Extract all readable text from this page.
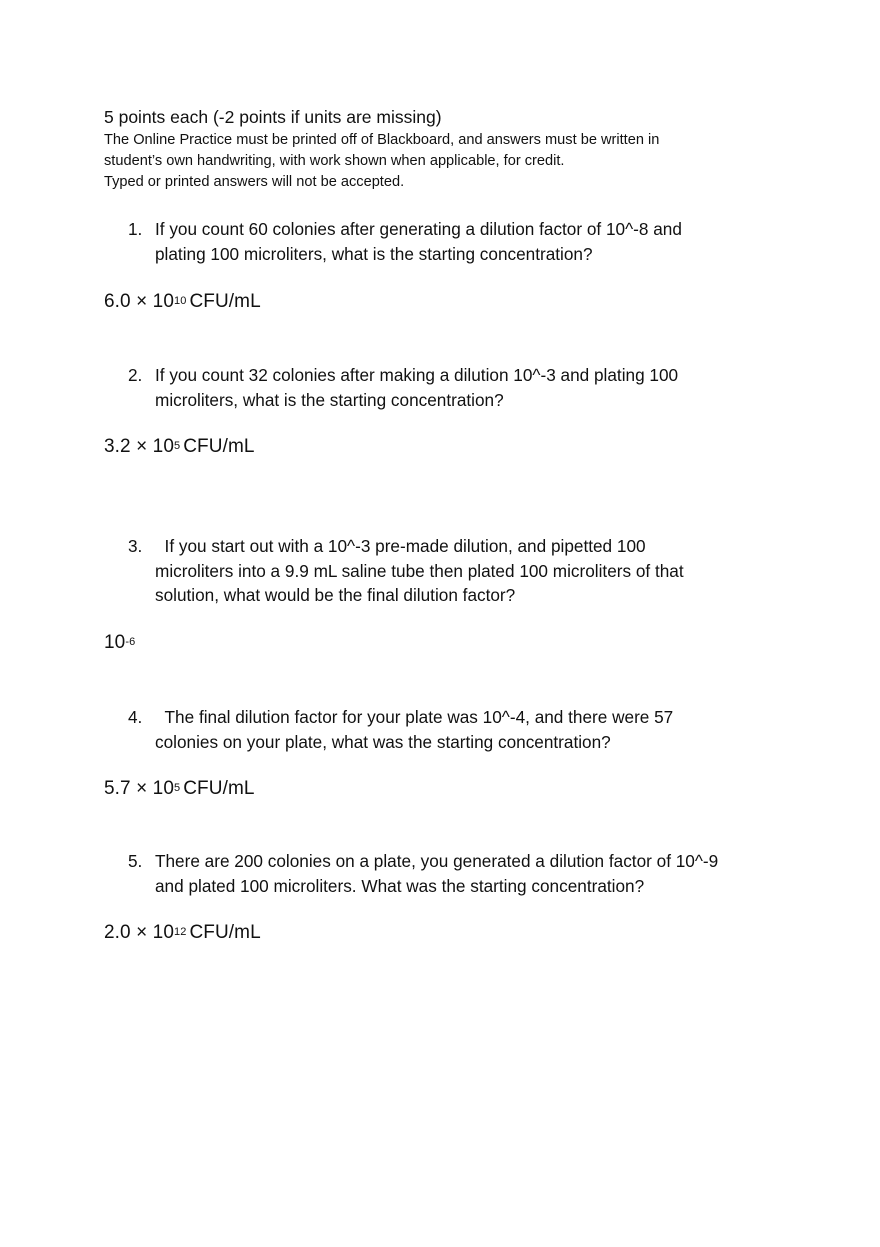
5 points each (-2 points if units are missing)

The Online Practice must be printed off of Blackboard, and answers must be written in

student’s own handwriting, with work shown when applicable, for credit.

Typed or printed answers will not be accepted.

1. If you count 60 colonies after generating a dilution factor of 10^-8 and
plating 100 microliters, what is the starting concentration?
$6.0 \times 10^{10}$ CFU/mL
2. If you count 32 colonies after making a dilution 10^-3 and plating 100
microliters, what is the starting concentration?
$3.2 \times 10^5$ CFU/mL
3. If you start out with a 10^-3 pre-made dilution, and pipetted 100
microliters into a 9.9 mL saline tube then plated 100 microliters of that
solution, what would be the final dilution factor?
$10^{-6}$
4. The final dilution factor for your plate was 10^-4, and there were 57
colonies on your plate, what was the starting concentration?
$5.7 \times 10^5$ CFU/mL
5. There are 200 colonies on a plate, you generated a dilution factor of 10^-9
and plated 100 microliters. What was the starting concentration?
$2.0 \times 10^{12}$ CFU/mL
